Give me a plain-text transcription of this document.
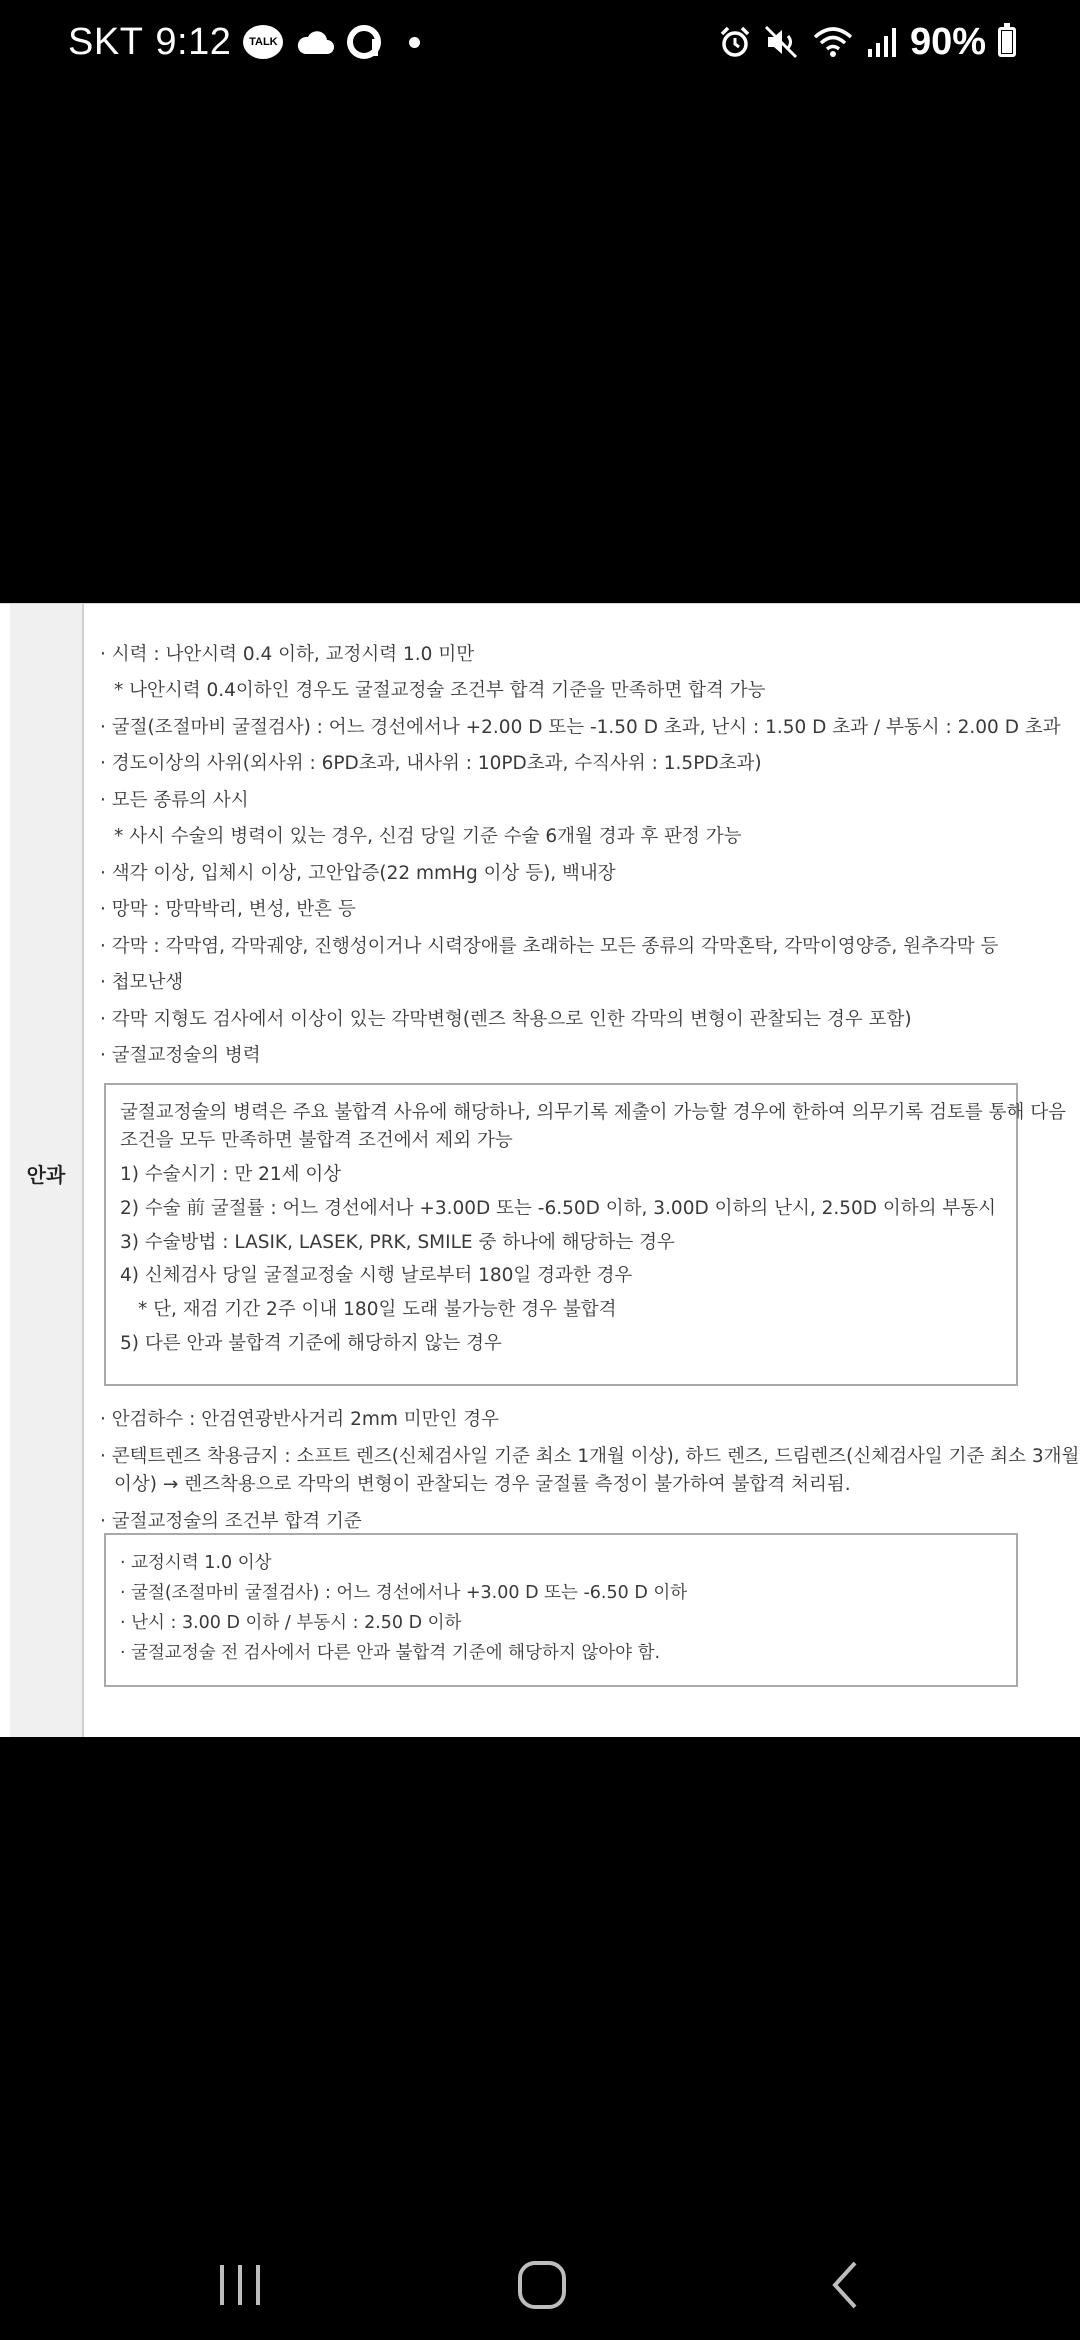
SKT 9:12	TALK	90%
안과
· 시력 : 나안시력 0.4 이하, 교정시력 1.0 미만
* 나안시력 0.4이하인 경우도 굴절교정술 조건부 합격 기준을 만족하면 합격 가능
· 굴절(조절마비 굴절검사) : 어느 경선에서나 +2.00 D 또는 -1.50 D 초과, 난시 : 1.50 D 초과 / 부동시 : 2.00 D 초과
· 경도이상의 사위(외사위 : 6PD초과, 내사위 : 10PD초과, 수직사위 : 1.5PD초과)
· 모든 종류의 사시
* 사시 수술의 병력이 있는 경우, 신검 당일 기준 수술 6개월 경과 후 판정 가능
· 색각 이상, 입체시 이상, 고안압증(22 mmHg 이상 등), 백내장
· 망막 : 망막박리, 변성, 반흔 등
· 각막 : 각막염, 각막궤양, 진행성이거나 시력장애를 초래하는 모든 종류의 각막혼탁, 각막이영양증, 원추각막 등
· 첩모난생
· 각막 지형도 검사에서 이상이 있는 각막변형(렌즈 착용으로 인한 각막의 변형이 관찰되는 경우 포함)
· 굴절교정술의 병력
굴절교정술의 병력은 주요 불합격 사유에 해당하나, 의무기록 제출이 가능할 경우에 한하여 의무기록 검토를 통해 다음
조건을 모두 만족하면 불합격 조건에서 제외 가능
1) 수술시기 : 만 21세 이상
2) 수술 前 굴절률 : 어느 경선에서나 +3.00D 또는 -6.50D 이하, 3.00D 이하의 난시, 2.50D 이하의 부동시
3) 수술방법 : LASIK, LASEK, PRK, SMILE 중 하나에 해당하는 경우
4) 신체검사 당일 굴절교정술 시행 날로부터 180일 경과한 경우
* 단, 재검 기간 2주 이내 180일 도래 불가능한 경우 불합격
5) 다른 안과 불합격 기준에 해당하지 않는 경우
· 안검하수 : 안검연광반사거리 2mm 미만인 경우
· 콘텍트렌즈 착용금지 : 소프트 렌즈(신체검사일 기준 최소 1개월 이상), 하드 렌즈, 드림렌즈(신체검사일 기준 최소 3개월
이상) → 렌즈착용으로 각막의 변형이 관찰되는 경우 굴절률 측정이 불가하여 불합격 처리됨.
· 굴절교정술의 조건부 합격 기준
· 교정시력 1.0 이상
· 굴절(조절마비 굴절검사) : 어느 경선에서나 +3.00 D 또는 -6.50 D 이하
· 난시 : 3.00 D 이하 / 부동시 : 2.50 D 이하
· 굴절교정술 전 검사에서 다른 안과 불합격 기준에 해당하지 않아야 함.
